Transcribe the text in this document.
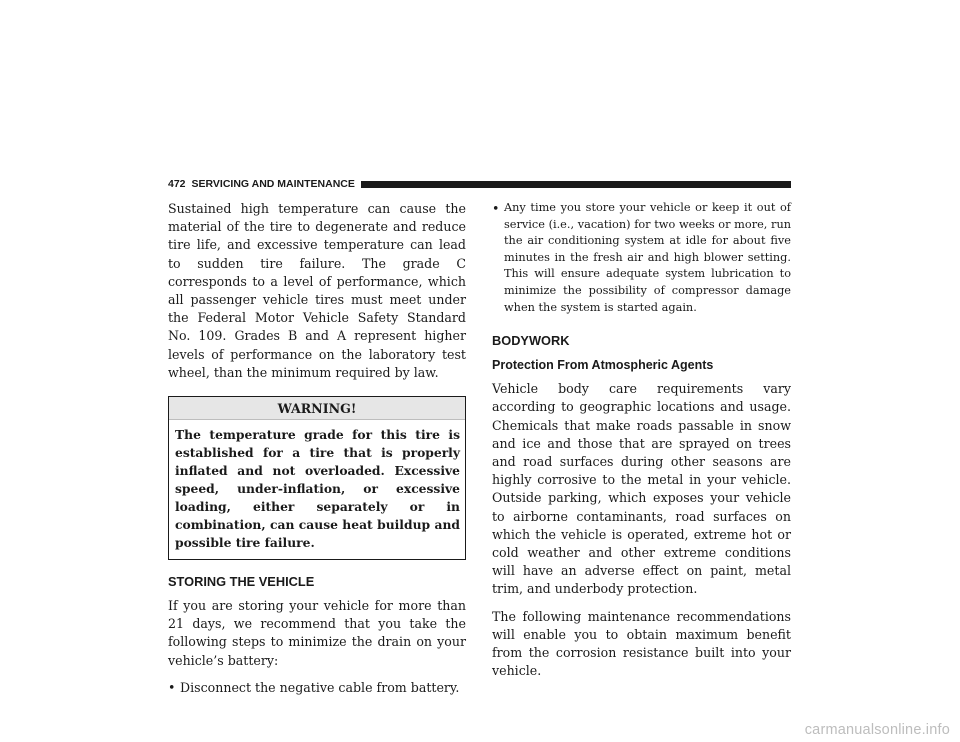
472 SERVICING AND MAINTENANCE

Sustained high temperature can cause the material of the tire to degenerate and reduce tire life, and excessive temperature can lead to sudden tire failure. The grade C corresponds to a level of performance, which all passenger vehicle tires must meet under the Federal Motor Vehicle Safety Standard No. 109. Grades B and A represent higher levels of performance on the laboratory test wheel, than the minimum required by law.

WARNING!
The temperature grade for this tire is established for a tire that is properly inflated and not overloaded. Excessive speed, under-inflation, or excessive loading, either separately or in combination, can cause heat buildup and possible tire failure.
STORING THE VEHICLE

If you are storing your vehicle for more than 21 days, we recommend that you take the following steps to minimize the drain on your vehicle’s battery:

• Disconnect the negative cable from battery.
• Any time you store your vehicle or keep it out of service (i.e., vacation) for two weeks or more, run the air conditioning system at idle for about five minutes in the fresh air and high blower setting. This will ensure adequate system lubrication to minimize the possibility of compressor damage when the system is started again.
BODYWORK
Protection From Atmospheric Agents

Vehicle body care requirements vary according to geographic locations and usage. Chemicals that make roads passable in snow and ice and those that are sprayed on trees and road surfaces during other seasons are highly corrosive to the metal in your vehicle. Outside parking, which exposes your vehicle to airborne contaminants, road surfaces on which the vehicle is operated, extreme hot or cold weather and other extreme conditions will have an adverse effect on paint, metal trim, and underbody protection.

The following maintenance recommendations will enable you to obtain maximum benefit from the corrosion resistance built into your vehicle.

carmanualsonline.info
